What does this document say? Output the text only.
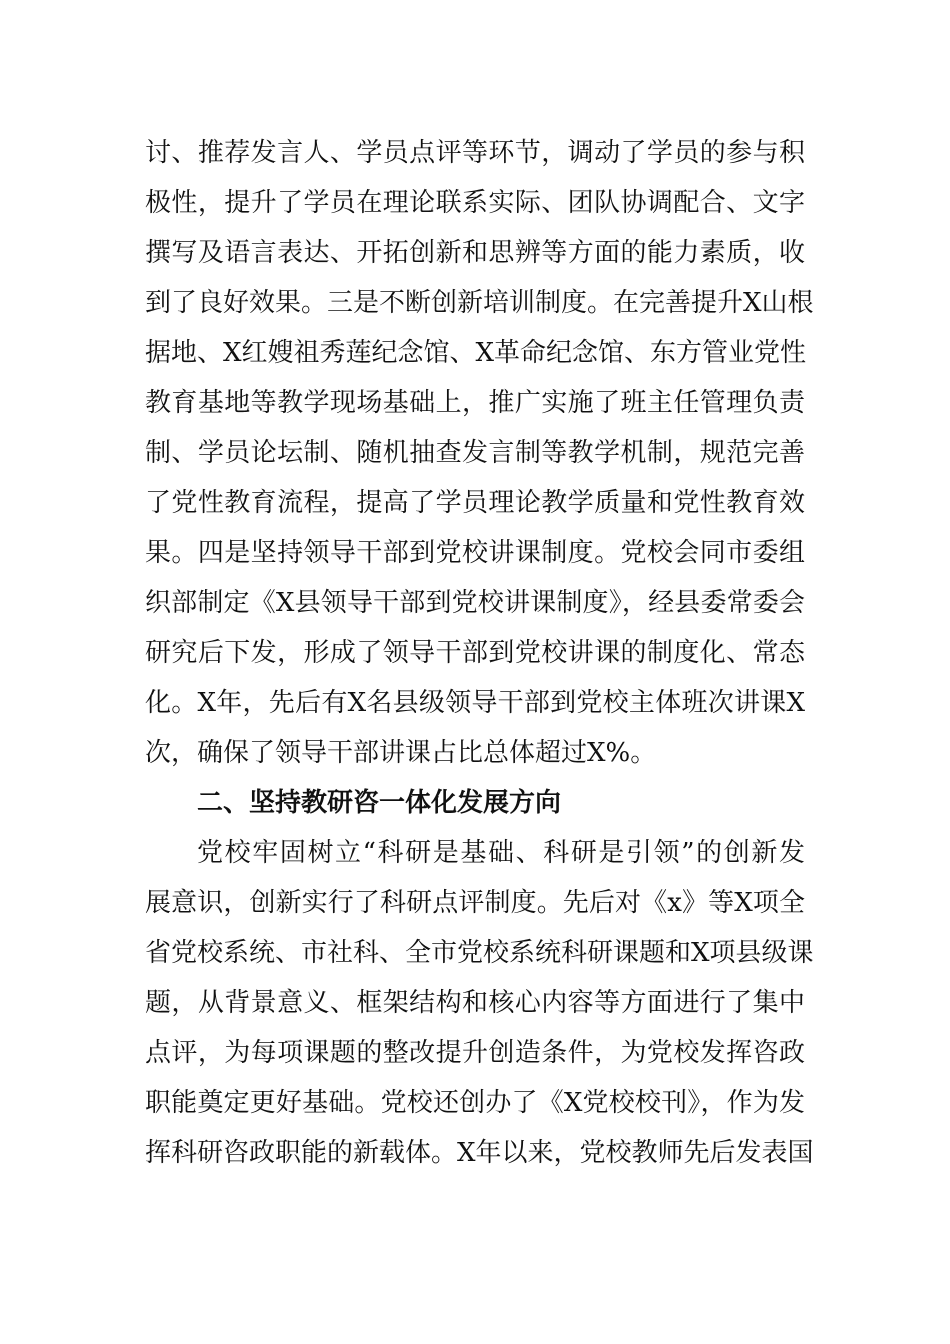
讨、推荐发言人、学员点评等环节，调动了学员的参与积
极性，提升了学员在理论联系实际、团队协调配合、文字
撰写及语言表达、开拓创新和思辨等方面的能力素质，收
到了良好效果。三是不断创新培训制度。在完善提升X山根
据地、X红嫂祖秀莲纪念馆、X革命纪念馆、东方管业党性
教育基地等教学现场基础上，推广实施了班主任管理负责
制、学员论坛制、随机抽查发言制等教学机制，规范完善
了党性教育流程，提高了学员理论教学质量和党性教育效
果。四是坚持领导干部到党校讲课制度。党校会同市委组
织部制定《X县领导干部到党校讲课制度》，经县委常委会
研究后下发，形成了领导干部到党校讲课的制度化、常态
化。X年，先后有X名县级领导干部到党校主体班次讲课X
次，确保了领导干部讲课占比总体超过X%。
二、坚持教研咨一体化发展方向
党校牢固树立“科研是基础、科研是引领”的创新发
展意识，创新实行了科研点评制度。先后对《x》等X项全
省党校系统、市社科、全市党校系统科研课题和X项县级课
题，从背景意义、框架结构和核心内容等方面进行了集中
点评，为每项课题的整改提升创造条件，为党校发挥咨政
职能奠定更好基础。党校还创办了《X党校校刊》，作为发
挥科研咨政职能的新载体。X年以来，党校教师先后发表国
